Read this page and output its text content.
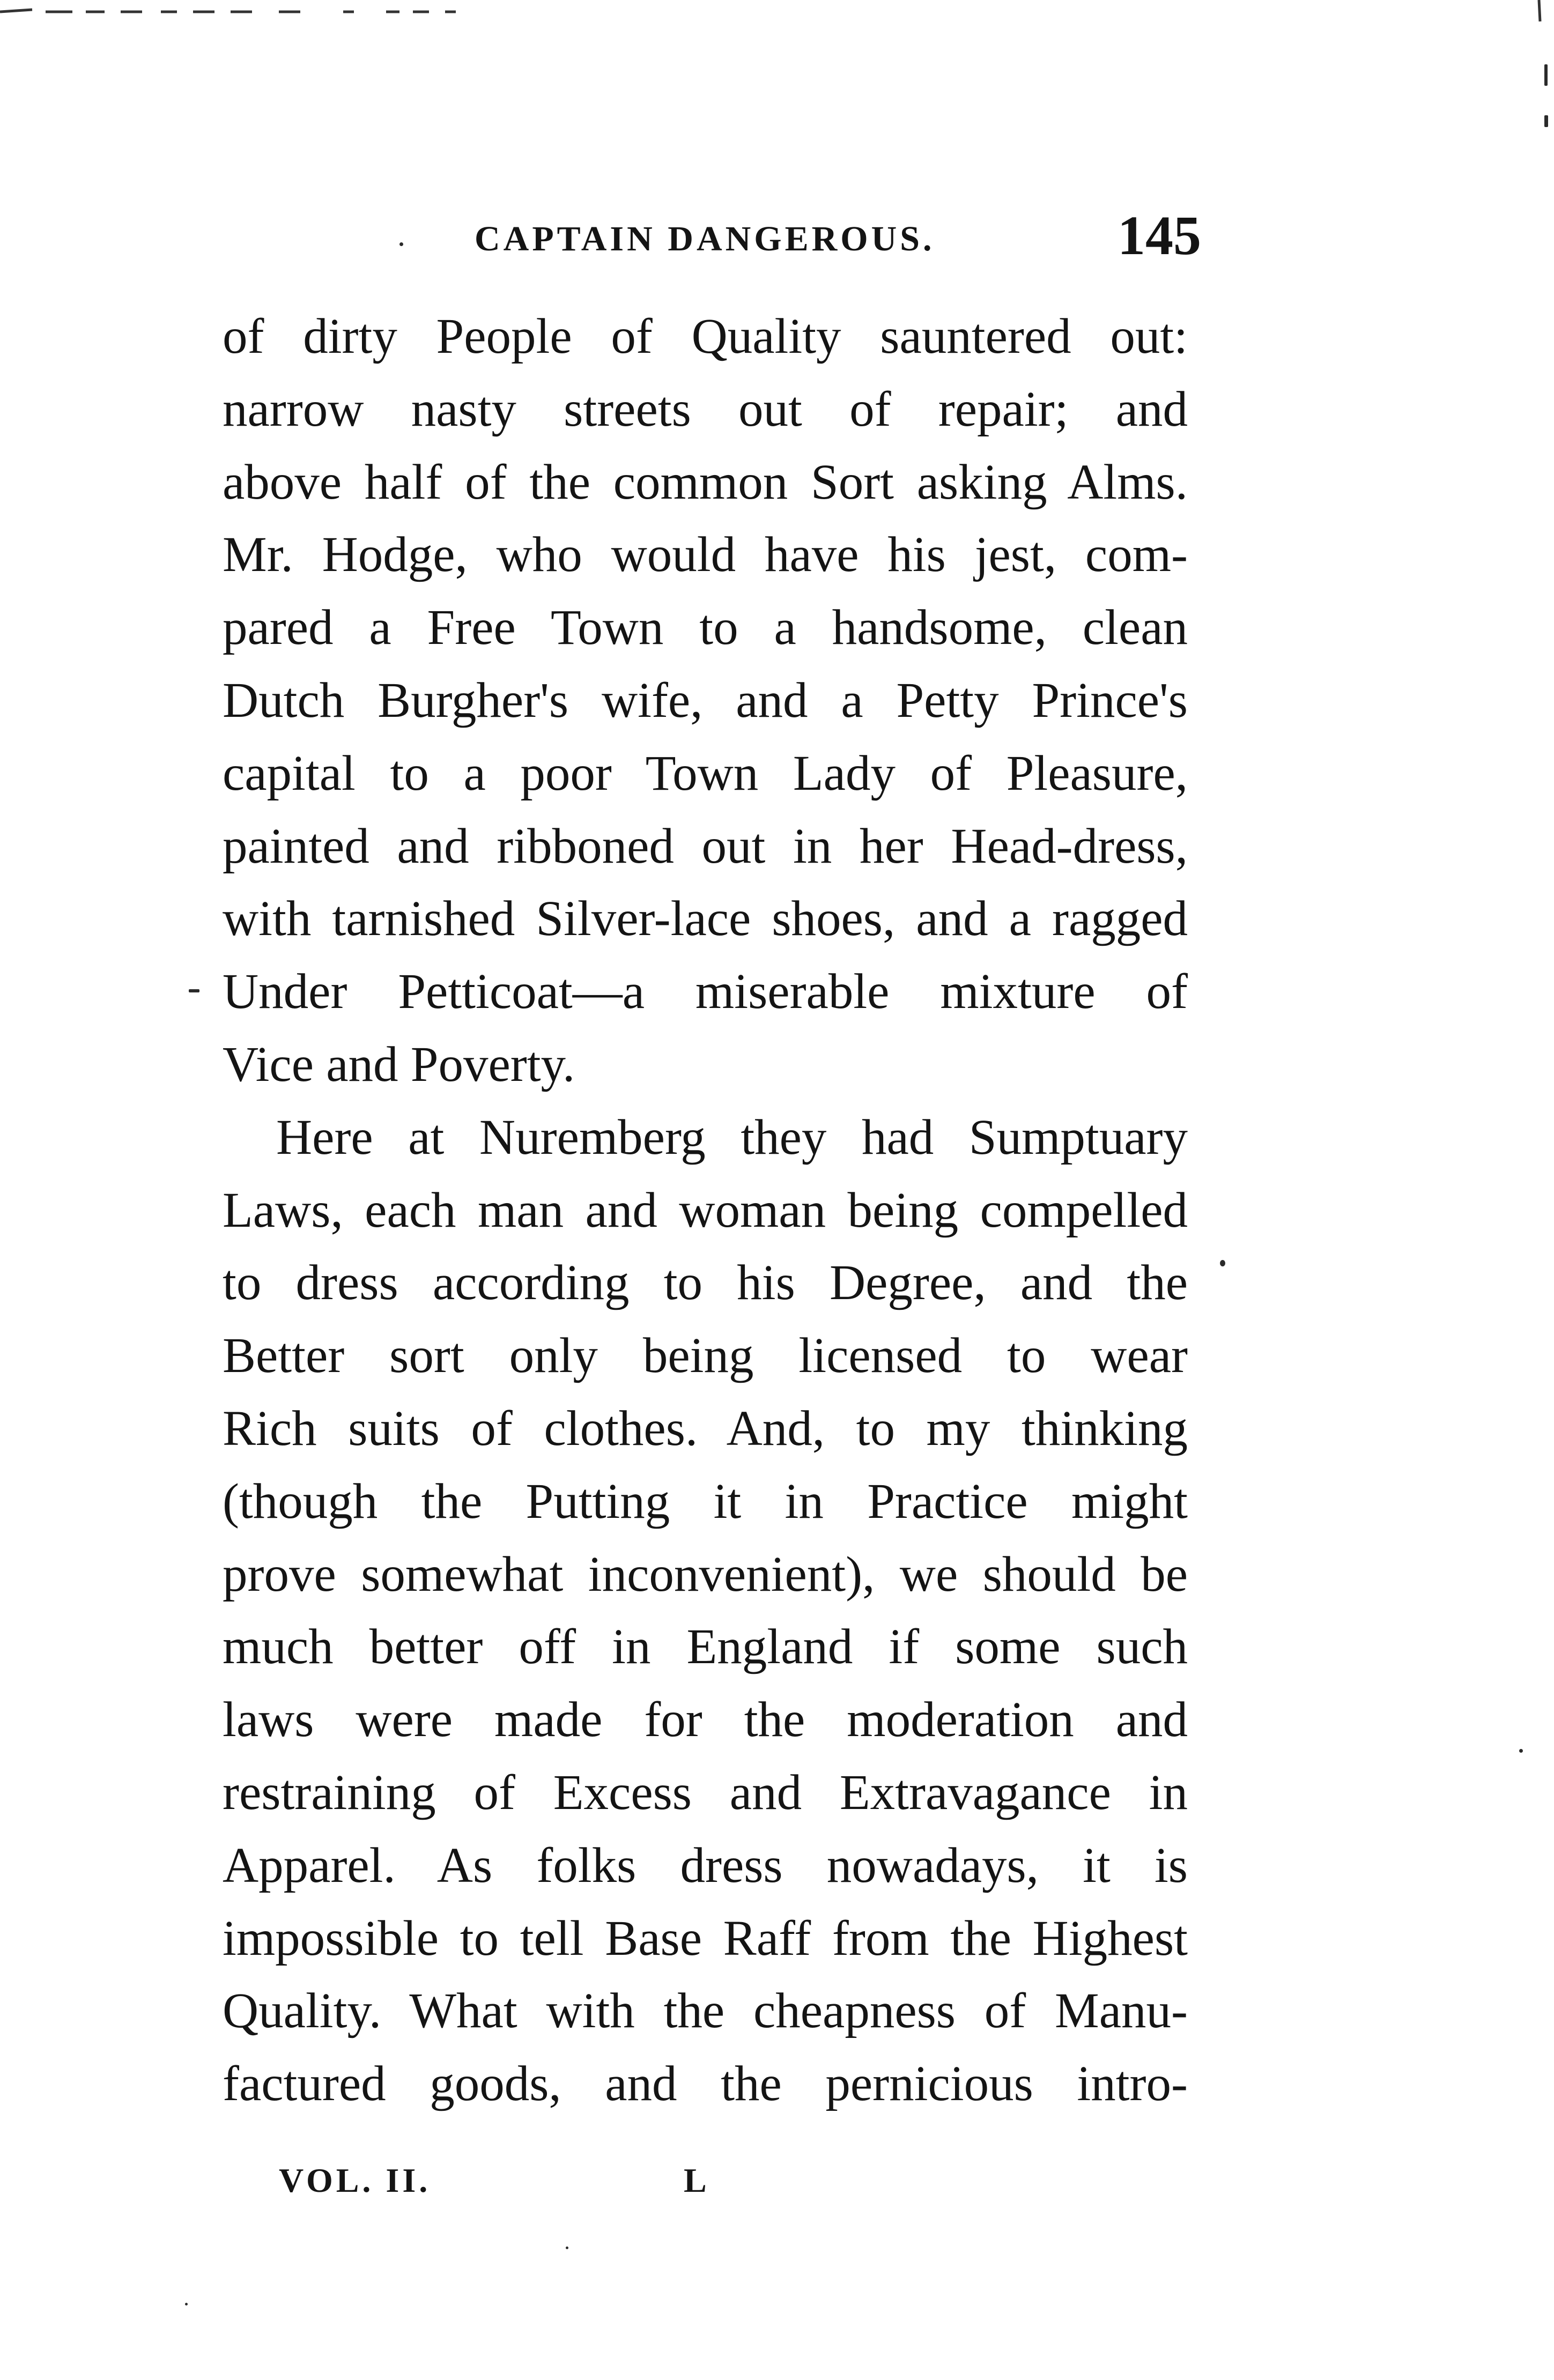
CAPTAIN DANGEROUS.	145
of dirty People of Quality sauntered out:
narrow nasty streets out of repair; and
above half of the common Sort asking Alms.
Mr. Hodge, who would have his jest, com-
pared a Free Town to a handsome, clean
Dutch Burgher's wife, and a Petty Prince's
capital to a poor Town Lady of Pleasure,
painted and ribboned out in her Head-dress,
with tarnished Silver-lace shoes, and a ragged
Under Petticoat—a miserable mixture of
Vice and Poverty.
Here at Nuremberg they had Sumptuary
Laws, each man and woman being compelled
to dress according to his Degree, and the
Better sort only being licensed to wear
Rich suits of clothes. And, to my thinking
(though the Putting it in Practice might
prove somewhat inconvenient), we should be
much better off in England if some such
laws were made for the moderation and
restraining of Excess and Extravagance in
Apparel. As folks dress nowadays, it is
impossible to tell Base Raff from the Highest
Quality. What with the cheapness of Manu-
factured goods, and the pernicious intro-
VOL. II.	L
